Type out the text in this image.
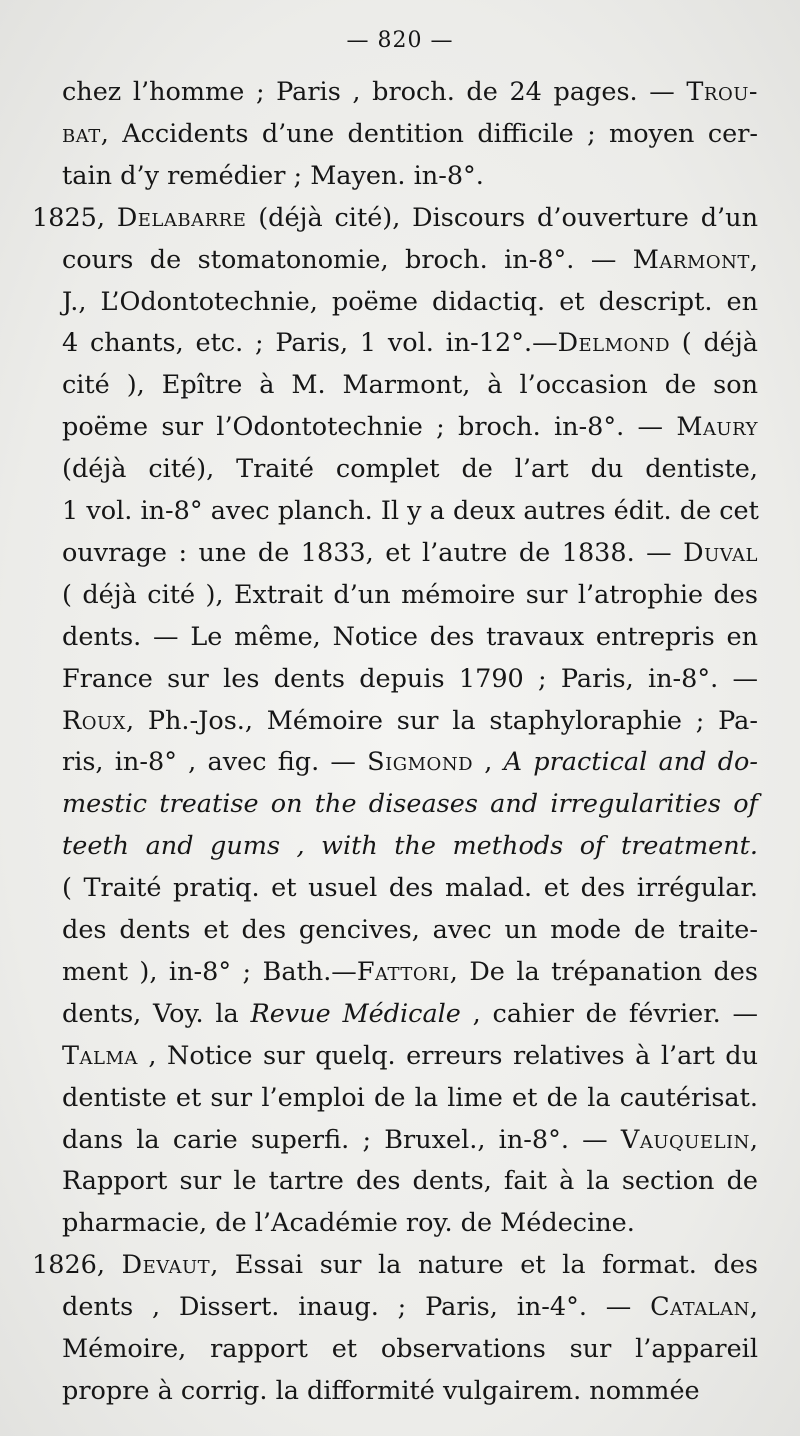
— 820 —
chez l’homme ; Paris , broch. de 24 pages. — Trou-
bat, Accidents d’une dentition difficile ; moyen cer-
tain d’y remédier ; Mayen. in-8°.
1825, Delabarre (déjà cité), Discours d’ouverture d’un
cours de stomatonomie, broch. in-8°. — Marmont,
J., L’Odontotechnie, poëme didactiq. et descript. en
4 chants, etc. ; Paris, 1 vol. in-12°.—Delmond ( déjà
cité ), Epître à M. Marmont, à l’occasion de son
poëme sur l’Odontotechnie ; broch. in-8°. — Maury
(déjà cité), Traité complet de l’art du dentiste,
1 vol. in-8° avec planch. Il y a deux autres édit. de cet
ouvrage : une de 1833, et l’autre de 1838. — Duval
( déjà cité ), Extrait d’un mémoire sur l’atrophie des
dents. — Le même, Notice des travaux entrepris en
France sur les dents depuis 1790 ; Paris, in-8°. —
Roux, Ph.-Jos., Mémoire sur la staphyloraphie ; Pa-
ris, in-8° , avec fig. — Sigmond , A practical and do-
mestic treatise on the diseases and irregularities of
teeth and gums , with the methods of treatment.
( Traité pratiq. et usuel des malad. et des irrégular.
des dents et des gencives, avec un mode de traite-
ment ), in-8° ; Bath.—Fattori, De la trépanation des
dents, Voy. la Revue Médicale , cahier de février. —
Talma , Notice sur quelq. erreurs relatives à l’art du
dentiste et sur l’emploi de la lime et de la cautérisat.
dans la carie superfi. ; Bruxel., in-8°. — Vauquelin,
Rapport sur le tartre des dents, fait à la section de
pharmacie, de l’Académie roy. de Médecine.
1826, Devaut, Essai sur la nature et la format. des
dents , Dissert. inaug. ; Paris, in-4°. — Catalan,
Mémoire, rapport et observations sur l’appareil
propre à corrig. la difformité vulgairem. nommée
